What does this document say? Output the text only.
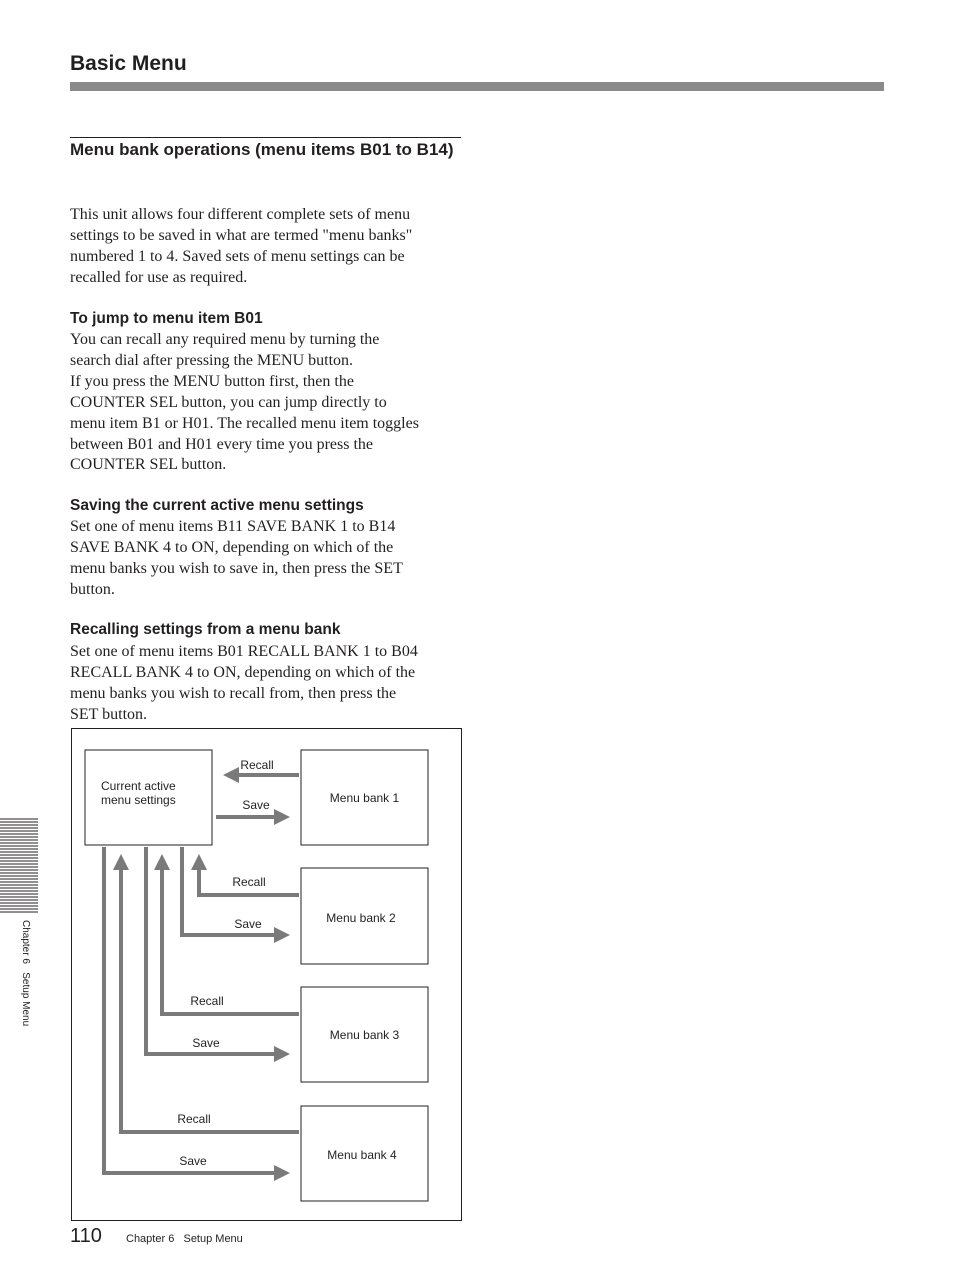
Basic Menu
Menu bank operations (menu items B01 to B14)
This unit allows four different complete sets of menu
settings to be saved in what are termed "menu banks"
numbered 1 to 4. Saved sets of menu settings can be
recalled for use as required.
To jump to menu item B01
You can recall any required menu by turning the
search dial after pressing the MENU button.
If you press the MENU button first, then the
COUNTER SEL button, you can jump directly to
menu item B1 or H01. The recalled menu item toggles
between B01 and H01 every time you press the
COUNTER SEL button.
Saving the current active menu settings
Set one of menu items B11 SAVE BANK 1 to B14
SAVE BANK 4 to ON, depending on which of the
menu banks you wish to save in, then press the SET
button.
Recalling settings from a menu bank
Set one of menu items B01 RECALL BANK 1 to B04
RECALL BANK 4 to ON, depending on which of the
menu banks you wish to recall from, then press the
SET button.
Current active
menu settings	Menu bank 1
Menu bank 2
Menu bank 3
Menu bank 4
Recall
Save
Recall
Save
Recall
Save
Recall
Save
Chapter 6   Setup Menu
110 Chapter 6   Setup Menu
